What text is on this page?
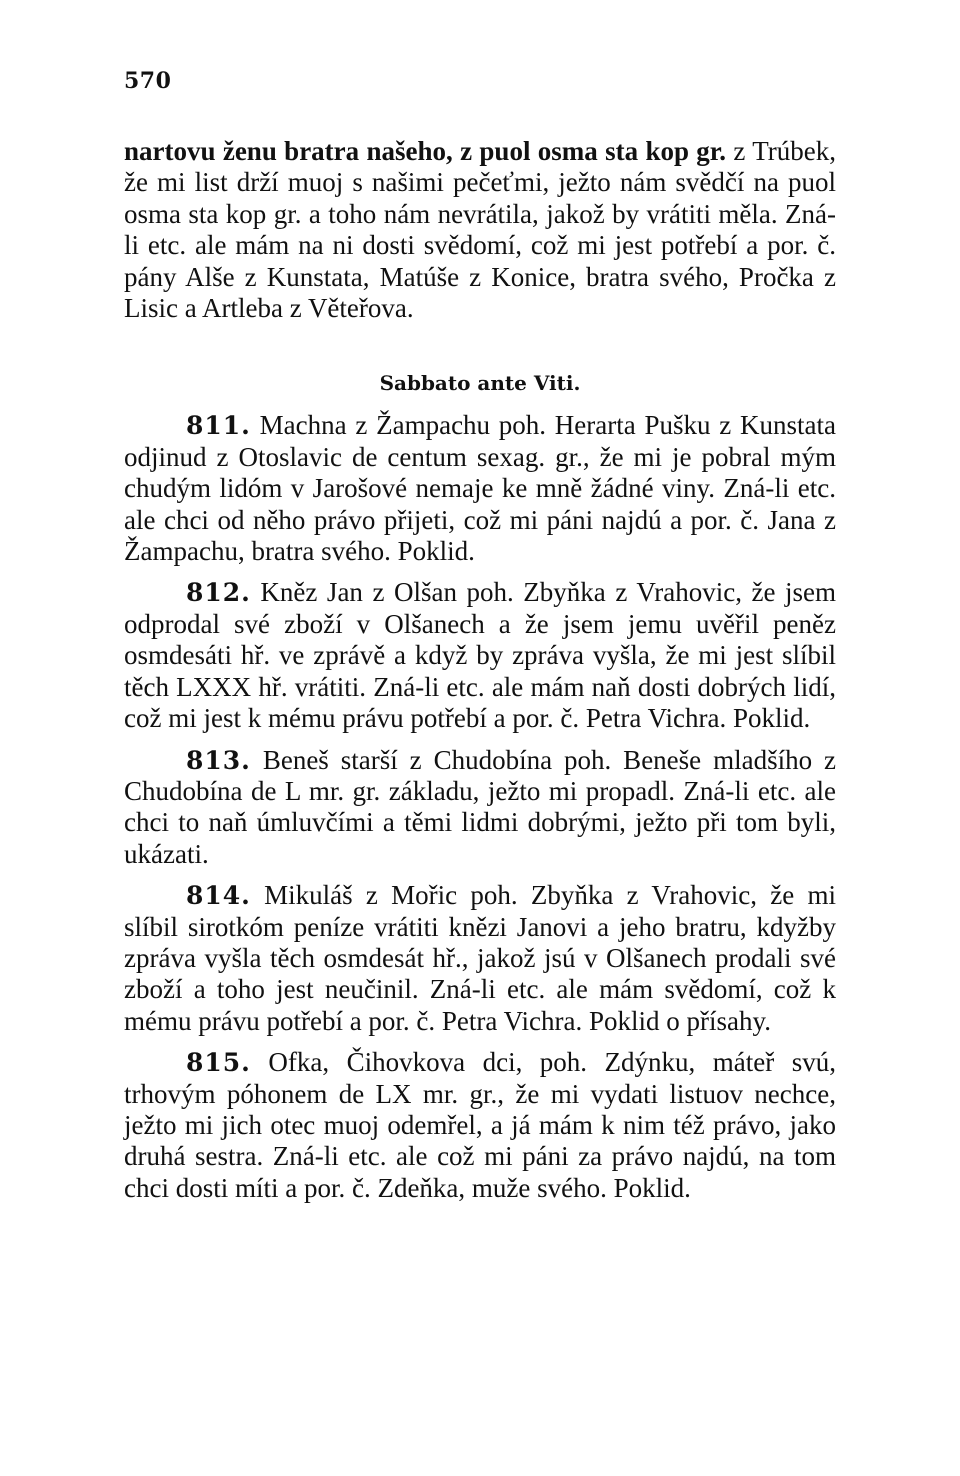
570

nartovu ženu bratra našeho, z puol osma sta kop gr. z Trúbek, že mi list drží muoj s našimi pečeťmi, ježto nám svědčí na puol osma sta kop gr. a toho nám nevrátila, jakož by vrátiti měla. Zná-li etc. ale mám na ni dosti svědomí, což mi jest potřebí a por. č. pány Alše z Kunstata, Matúše z Konice, bratra svého, Pročka z Lisic a Artleba z Věteřova.

Sabbato ante Viti.

811. Machna z Žampachu poh. Herarta Pušku z Kunstata odjinud z Otoslavic de centum sexag. gr., že mi je pobral mým chudým lidóm v Jarošové nemaje ke mně žádné viny. Zná-li etc. ale chci od něho právo přijeti, což mi páni najdú a por. č. Jana z Žampachu, bratra svého. Poklid.

812. Kněz Jan z Olšan poh. Zbyňka z Vrahovic, že jsem odprodal své zboží v Olšanech a že jsem jemu uvěřil peněz osmdesáti hř. ve zprávě a když by zpráva vyšla, že mi jest slíbil těch LXXX hř. vrátiti. Zná-li etc. ale mám naň dosti dobrých lidí, což mi jest k mému právu potřebí a por. č. Petra Vichra. Poklid.

813. Beneš starší z Chudobína poh. Beneše mladšího z Chudobína de L mr. gr. základu, ježto mi propadl. Zná-li etc. ale chci to naň úmluvčími a těmi lidmi dobrými, ježto při tom byli, ukázati.

814. Mikuláš z Mořic poh. Zbyňka z Vrahovic, že mi slíbil sirotkóm peníze vrátiti knězi Janovi a jeho bratru, kdyžby zpráva vyšla těch osmdesát hř., jakož jsú v Olšanech prodali své zboží a toho jest neučinil. Zná-li etc. ale mám svědomí, což k mému právu potřebí a por. č. Petra Vichra. Poklid o přísahy.

815. Ofka, Čihovkova dci, poh. Zdýnku, máteř svú, trhovým póhonem de LX mr. gr., že mi vydati listuov nechce, ježto mi jich otec muoj odemřel, a já mám k nim též právo, jako druhá sestra. Zná-li etc. ale což mi páni za právo najdú, na tom chci dosti míti a por. č. Zdeňka, muže svého. Poklid.
